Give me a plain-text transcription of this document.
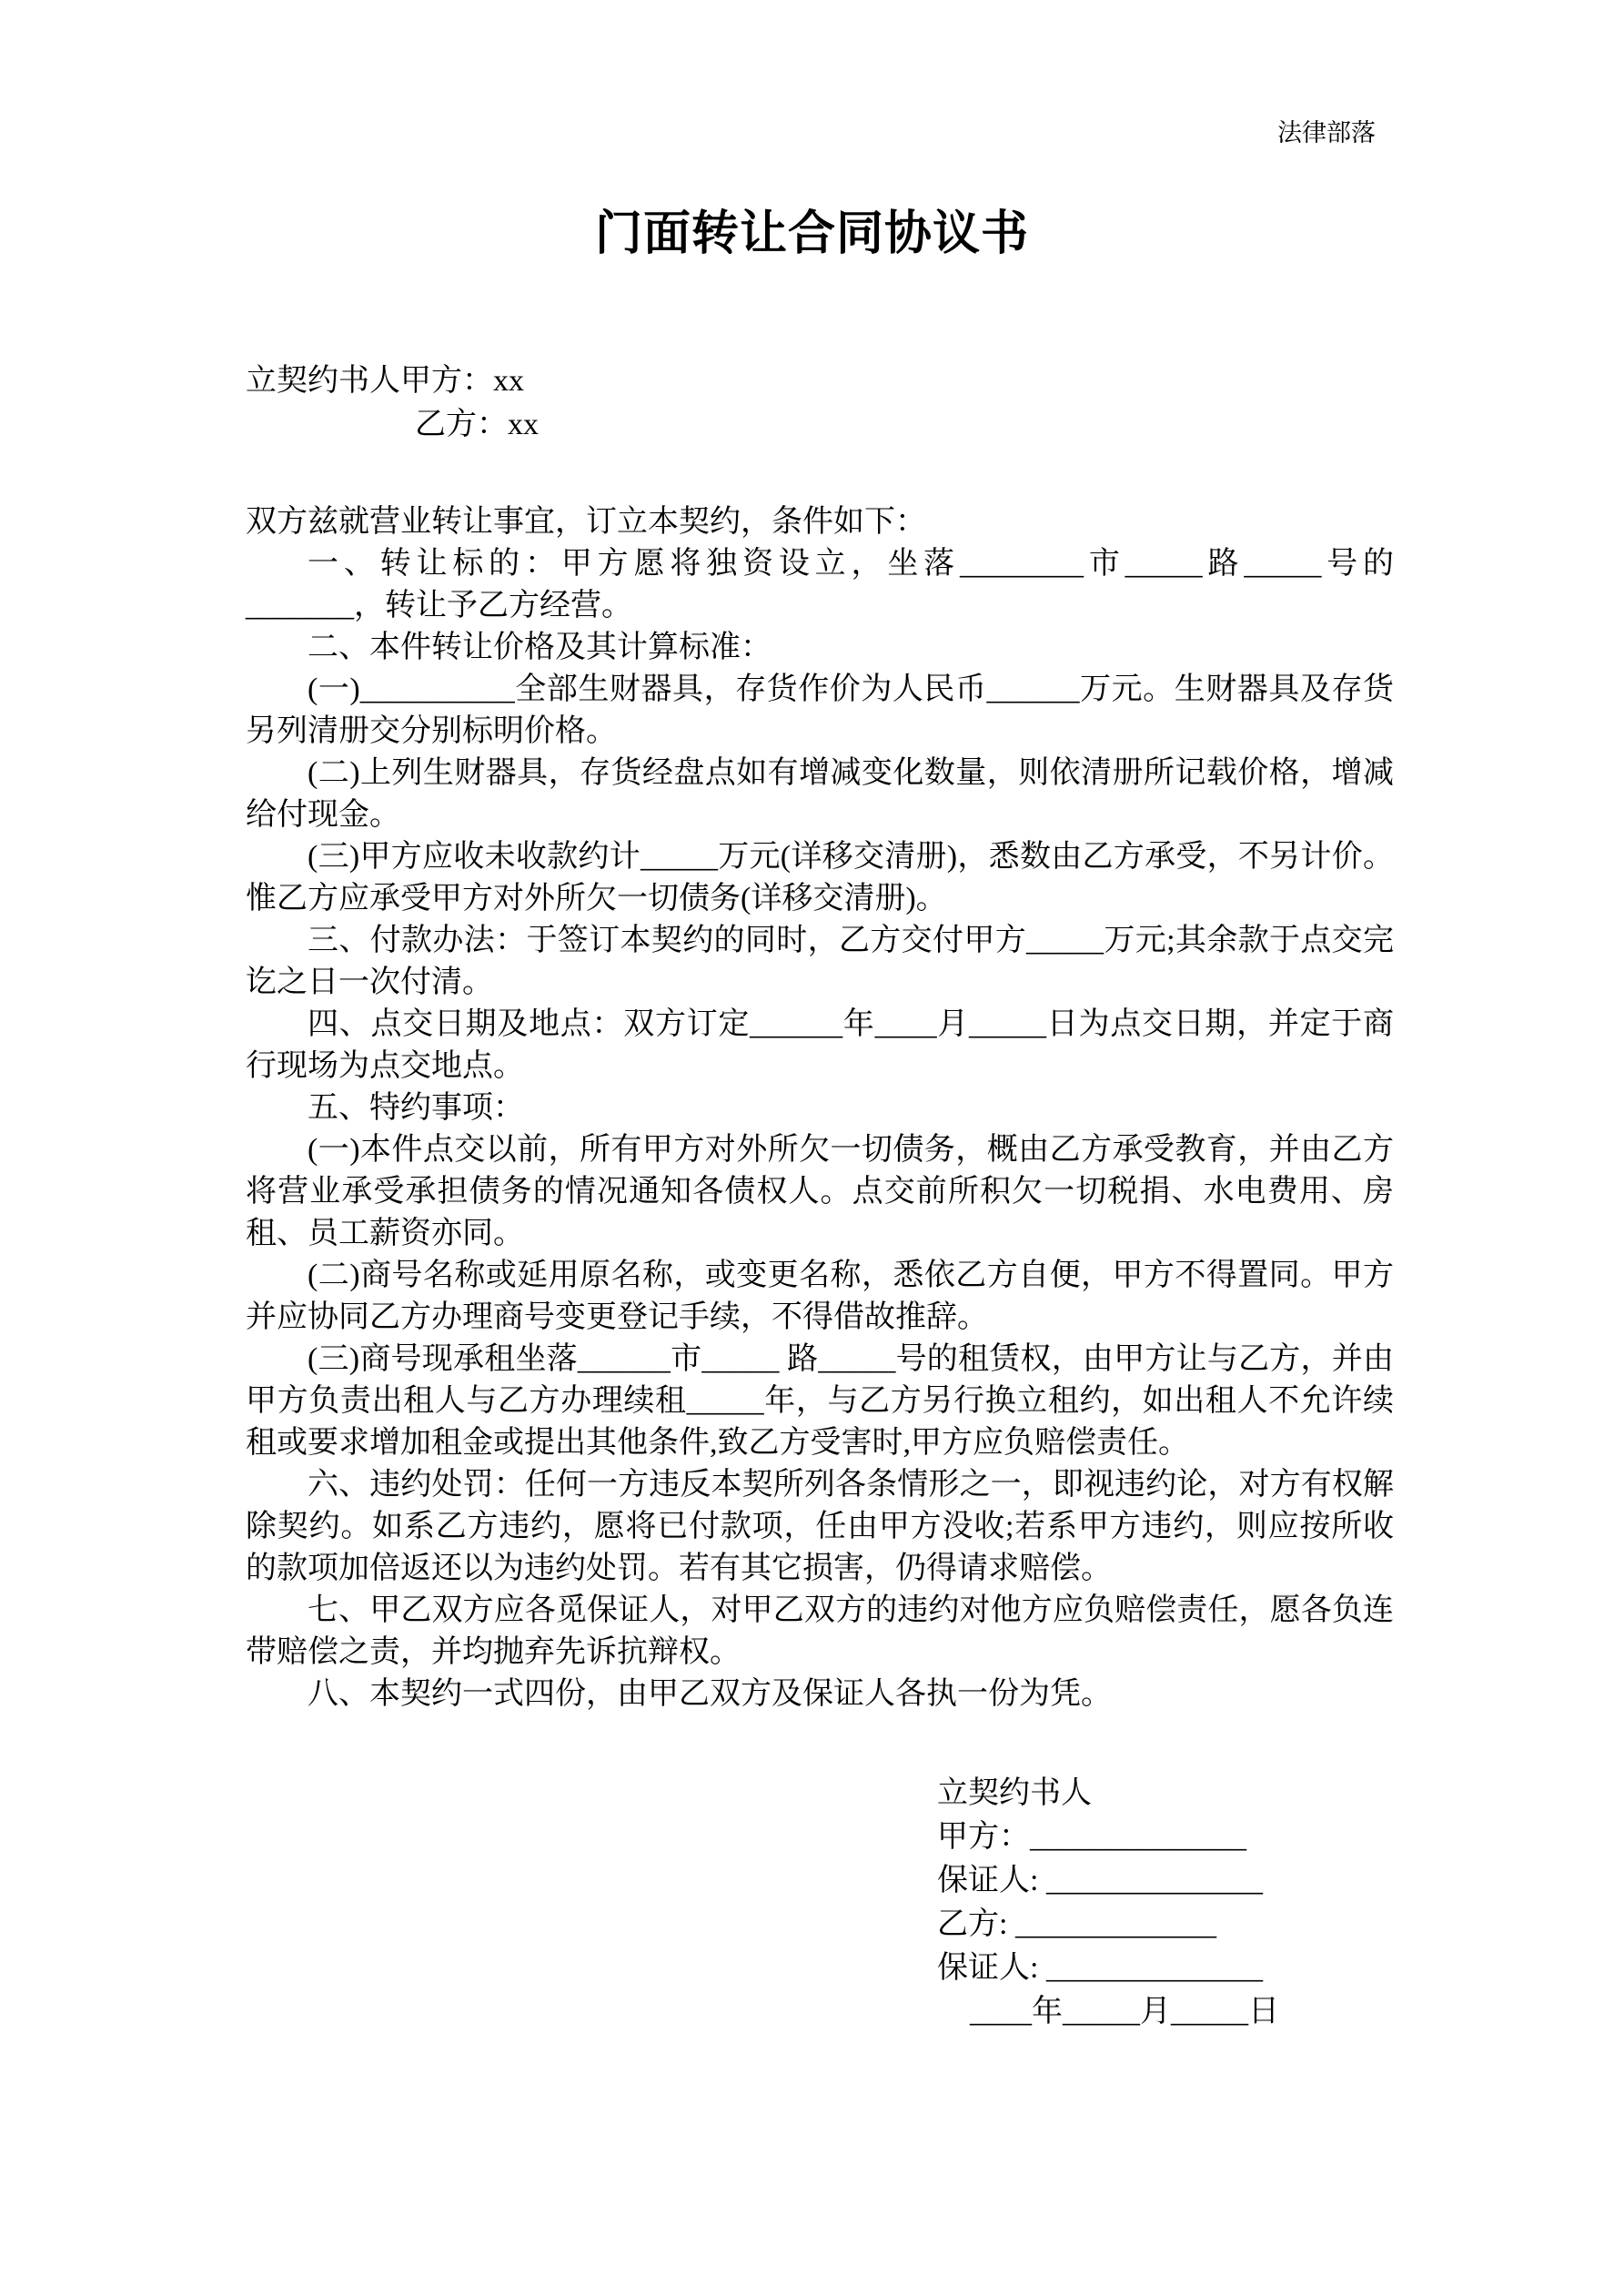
法律部落
门面转让合同协议书
立契约书人甲方：xx
乙方：xx

双方兹就营业转让事宜，订立本契约，条件如下：

一、转让标的：甲方愿将独资设立，坐落________市_____路_____号的_______，转让予乙方经营。

二、本件转让价格及其计算标准：

(一)__________全部生财器具，存货作价为人民币______万元。生财器具及存货另列清册交分别标明价格。

(二)上列生财器具，存货经盘点如有增减变化数量，则依清册所记载价格，增减给付现金。

(三)甲方应收未收款约计_____万元(详移交清册)，悉数由乙方承受，不另计价。惟乙方应承受甲方对外所欠一切债务(详移交清册)。

三、付款办法：于签订本契约的同时，乙方交付甲方_____万元;其余款于点交完讫之日一次付清。

四、点交日期及地点：双方订定______年____月_____日为点交日期，并定于商行现场为点交地点。

五、特约事项：

(一)本件点交以前，所有甲方对外所欠一切债务，概由乙方承受教育，并由乙方将营业承受承担债务的情况通知各债权人。点交前所积欠一切税捐、水电费用、房租、员工薪资亦同。

(二)商号名称或延用原名称，或变更名称，悉依乙方自便，甲方不得置同。甲方并应协同乙方办理商号变更登记手续，不得借故推辞。

(三)商号现承租坐落______市_____ 路_____号的租赁权，由甲方让与乙方，并由甲方负责出租人与乙方办理续租_____年，与乙方另行换立租约，如出租人不允许续租或要求增加租金或提出其他条件,致乙方受害时,甲方应负赔偿责任。

六、违约处罚：任何一方违反本契所列各条情形之一，即视违约论，对方有权解除契约。如系乙方违约，愿将已付款项，任由甲方没收;若系甲方违约，则应按所收的款项加倍返还以为违约处罚。若有其它损害，仍得请求赔偿。

七、甲乙双方应各觅保证人，对甲乙双方的违约对他方应负赔偿责任，愿各负连带赔偿之责，并均抛弃先诉抗辩权。

八、本契约一式四份，由甲乙双方及保证人各执一份为凭。

立契约书人
甲方：______________
保证人: ______________
乙方: _____________
保证人: ______________
____年_____月_____日
